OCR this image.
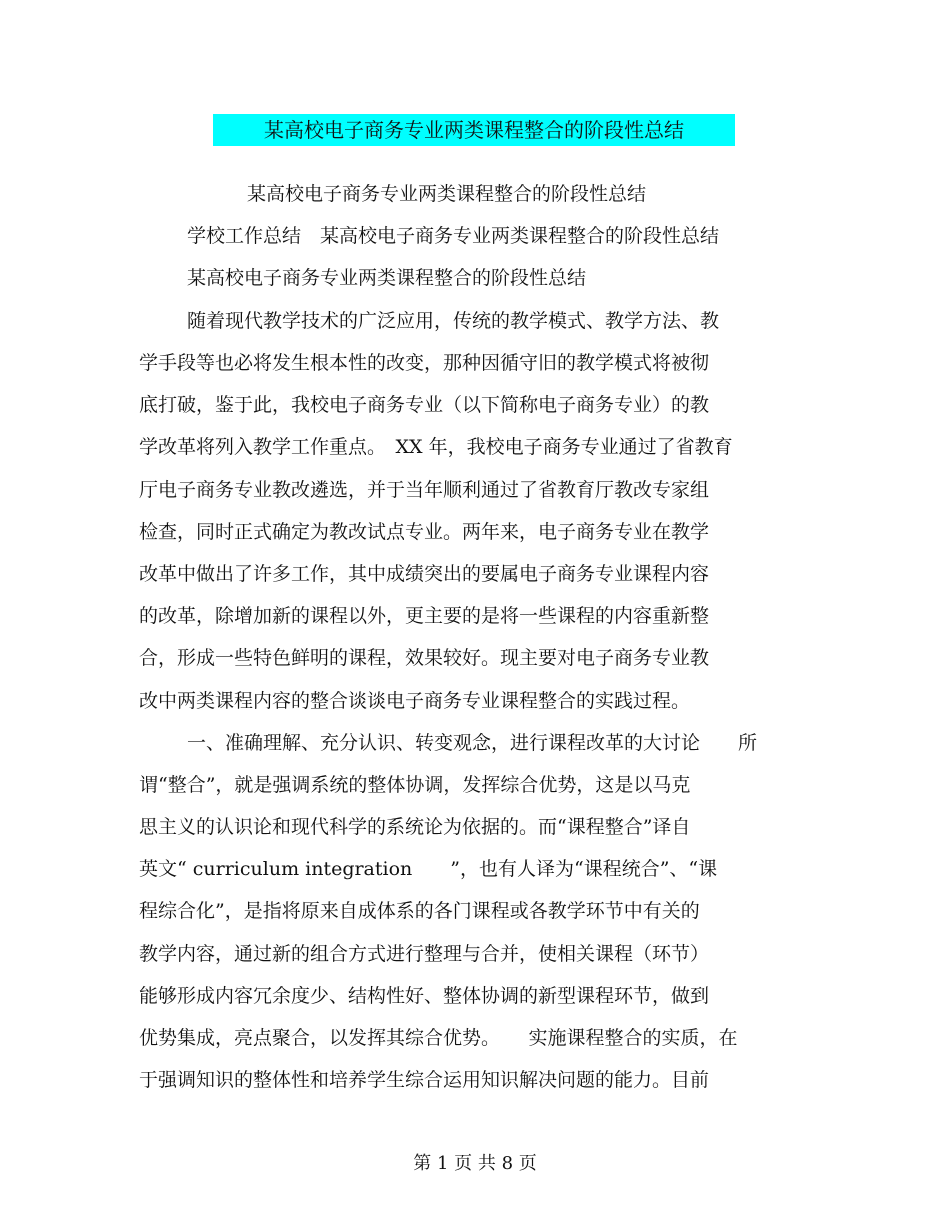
某高校电子商务专业两类课程整合的阶段性总结
某高校电子商务专业两类课程整合的阶段性总结
学校工作总结　某高校电子商务专业两类课程整合的阶段性总结
某高校电子商务专业两类课程整合的阶段性总结
随着现代教学技术的广泛应用，传统的教学模式、教学方法、教
学手段等也必将发生根本性的改变，那种因循守旧的教学模式将被彻
底打破，鉴于此，我校电子商务专业（以下简称电子商务专业）的教
学改革将列入教学工作重点。　XX 年，我校电子商务专业通过了省教育
厅电子商务专业教改遴选，并于当年顺利通过了省教育厅教改专家组
检查，同时正式确定为教改试点专业。两年来，电子商务专业在教学
改革中做出了许多工作，其中成绩突出的要属电子商务专业课程内容
的改革，除增加新的课程以外，更主要的是将一些课程的内容重新整
合，形成一些特色鲜明的课程，效果较好。现主要对电子商务专业教
改中两类课程内容的整合谈谈电子商务专业课程整合的实践过程。
一、准确理解、充分认识、转变观念，进行课程改革的大讨论　　所
谓“整合”，就是强调系统的整体协调，发挥综合优势，这是以马克
思主义的认识论和现代科学的系统论为依据的。而“课程整合”译自
英文“ curriculum integration　　”，也有人译为“课程统合”、“课
程综合化”，是指将原来自成体系的各门课程或各教学环节中有关的
教学内容，通过新的组合方式进行整理与合并，使相关课程（环节）
能够形成内容冗余度少、结构性好、整体协调的新型课程环节，做到
优势集成，亮点聚合，以发挥其综合优势。　　实施课程整合的实质，在
于强调知识的整体性和培养学生综合运用知识解决问题的能力。目前
第 1 页 共 8 页
